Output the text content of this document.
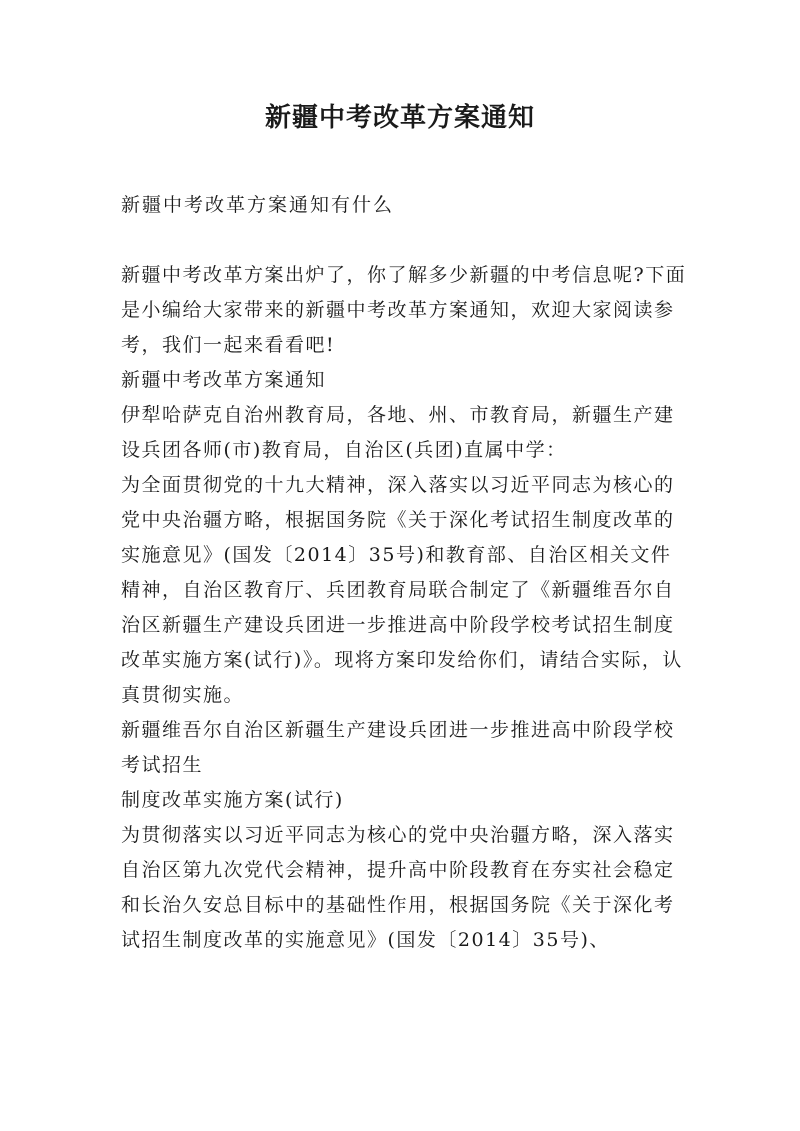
新疆中考改革方案通知

新疆中考改革方案通知有什么

新疆中考改革方案出炉了，你了解多少新疆的中考信息呢?下面是小编给大家带来的新疆中考改革方案通知，欢迎大家阅读参考，我们一起来看看吧!

新疆中考改革方案通知

伊犁哈萨克自治州教育局，各地、州、市教育局，新疆生产建设兵团各师(市)教育局，自治区(兵团)直属中学：

为全面贯彻党的十九大精神，深入落实以习近平同志为核心的党中央治疆方略，根据国务院《关于深化考试招生制度改革的实施意见》(国发〔2014〕35号)和教育部、自治区相关文件精神，自治区教育厅、兵团教育局联合制定了《新疆维吾尔自治区新疆生产建设兵团进一步推进高中阶段学校考试招生制度改革实施方案(试行)》。现将方案印发给你们，请结合实际，认真贯彻实施。

新疆维吾尔自治区新疆生产建设兵团进一步推进高中阶段学校考试招生

制度改革实施方案(试行)

为贯彻落实以习近平同志为核心的党中央治疆方略，深入落实自治区第九次党代会精神，提升高中阶段教育在夯实社会稳定和长治久安总目标中的基础性作用，根据国务院《关于深化考试招生制度改革的实施意见》(国发〔2014〕35号)、
